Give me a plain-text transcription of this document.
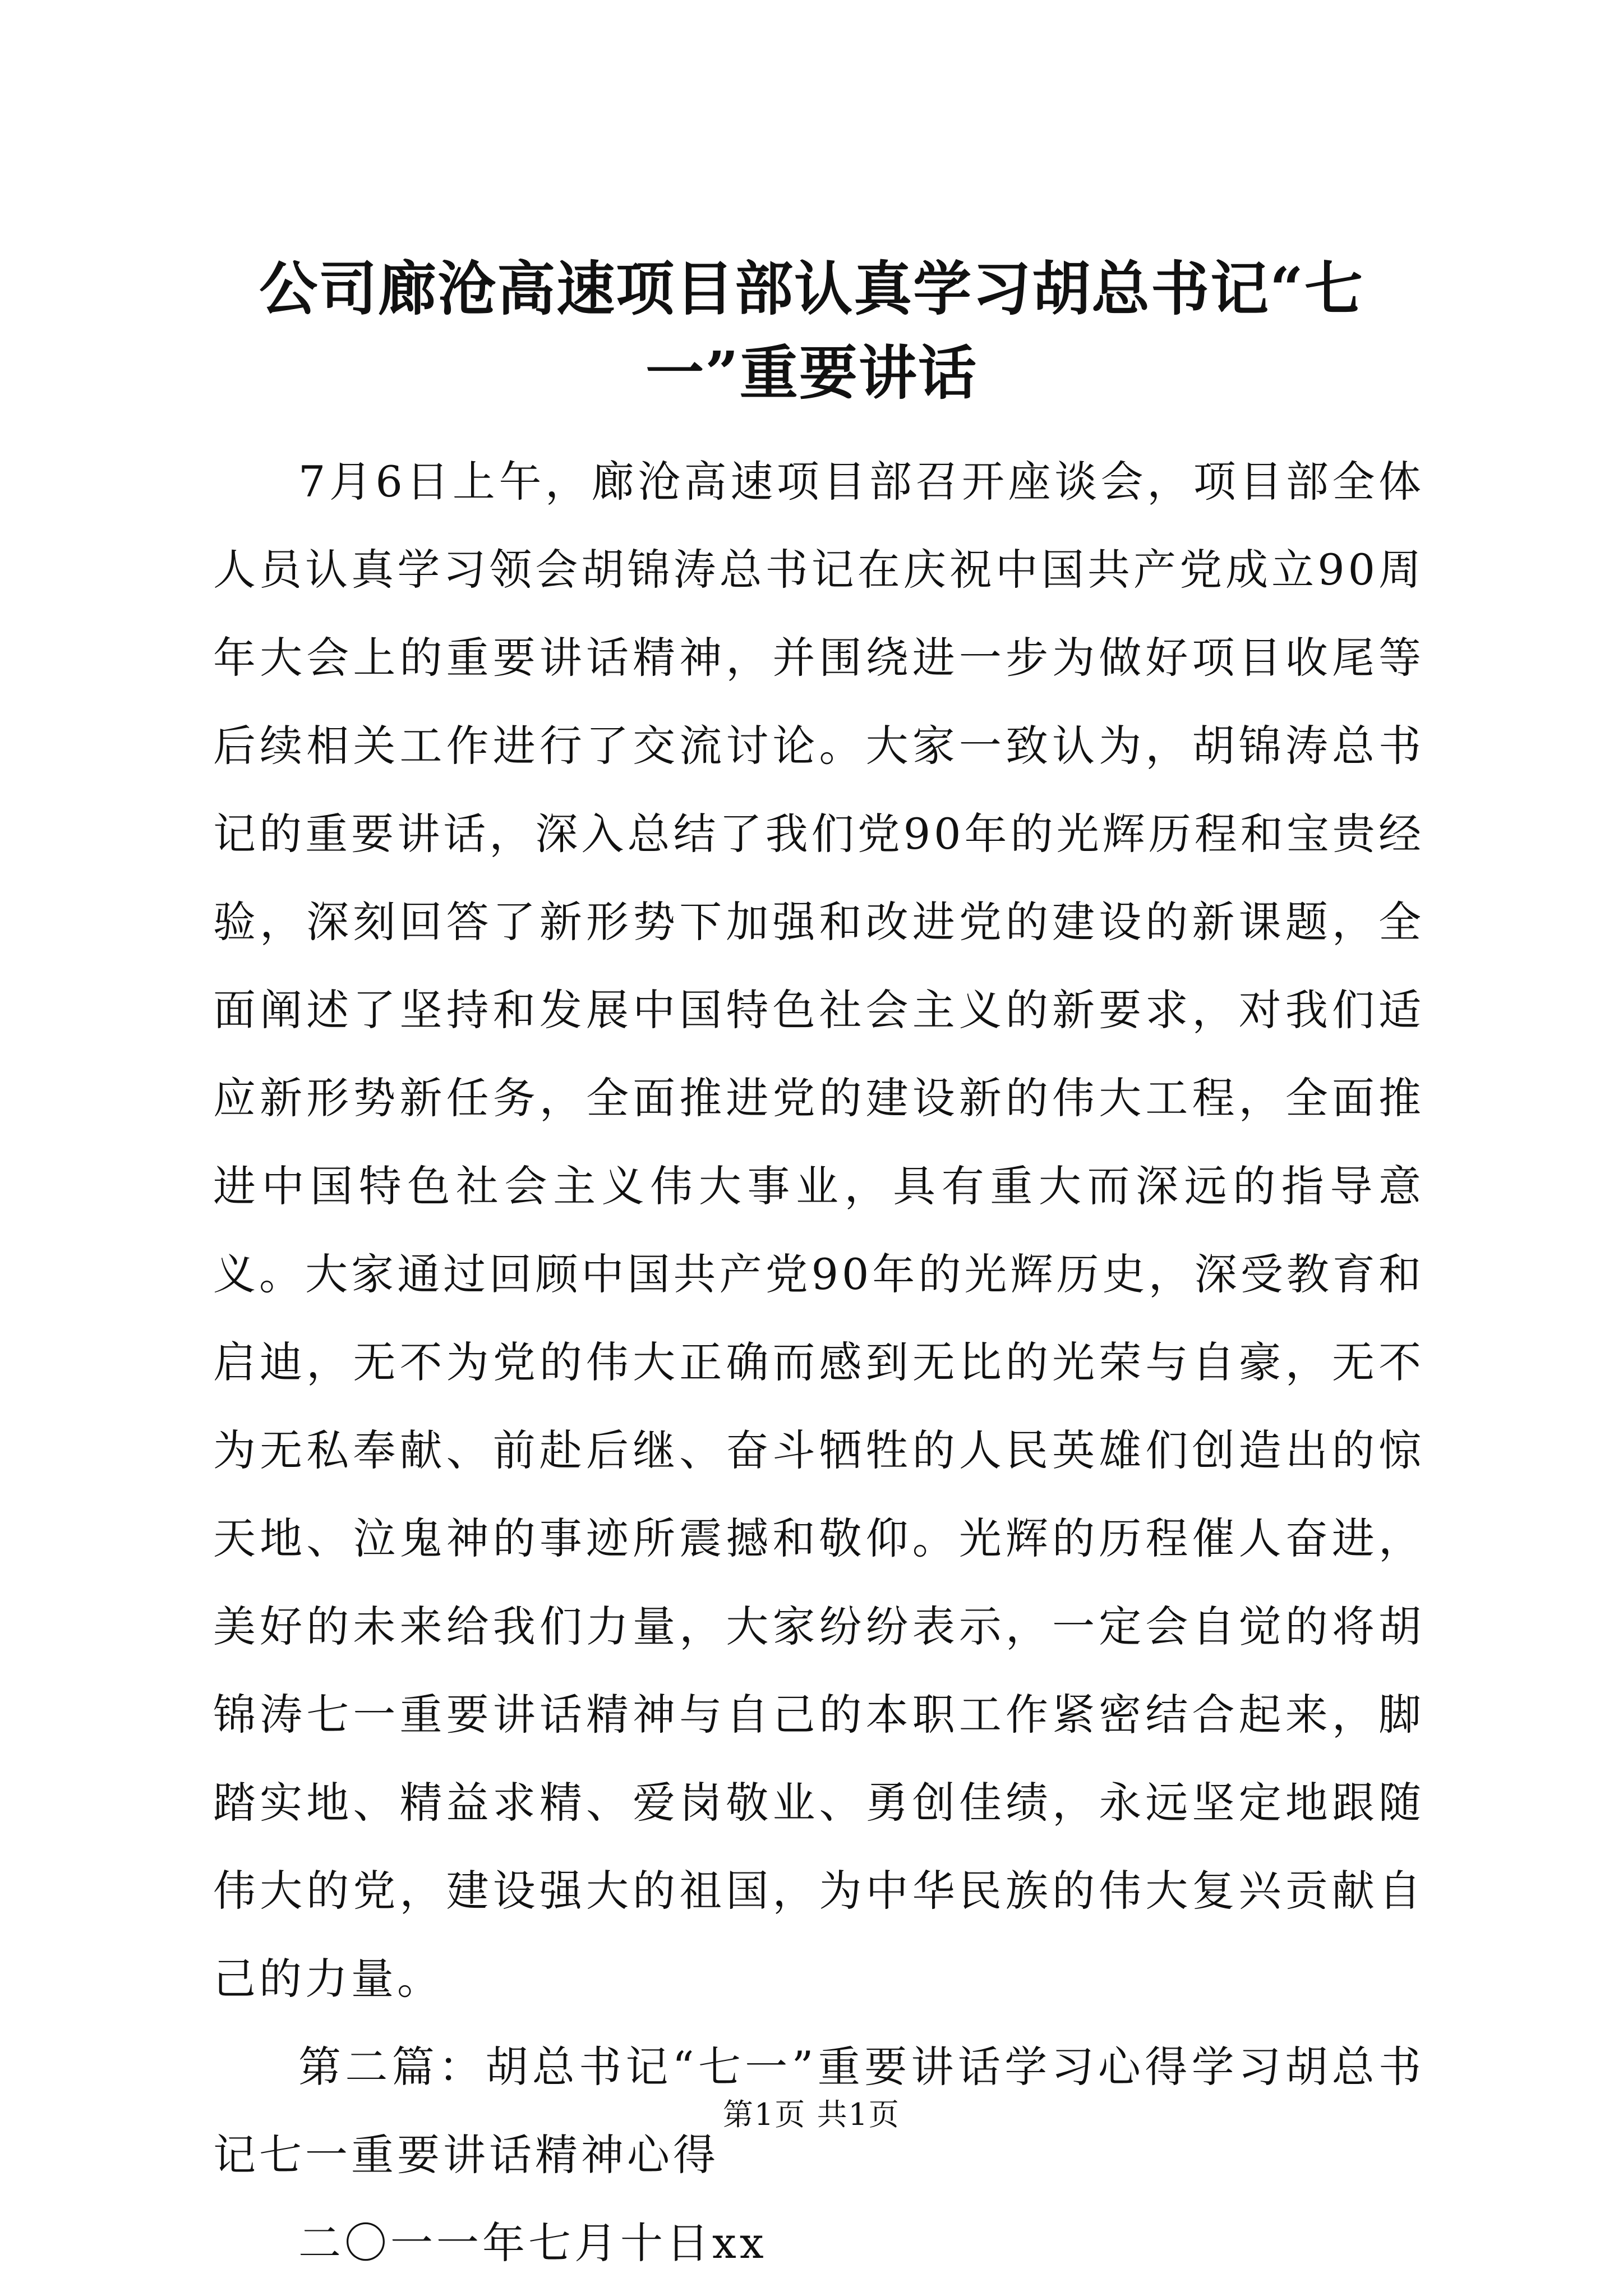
公司廊沧高速项目部认真学习胡总书记“七
一”重要讲话

7月6日上午，廊沧高速项目部召开座谈会，项目部全体人员认真学习领会胡锦涛总书记在庆祝中国共产党成立90周年大会上的重要讲话精神，并围绕进一步为做好项目收尾等后续相关工作进行了交流讨论。大家一致认为，胡锦涛总书记的重要讲话，深入总结了我们党90年的光辉历程和宝贵经验，深刻回答了新形势下加强和改进党的建设的新课题，全面阐述了坚持和发展中国特色社会主义的新要求，对我们适应新形势新任务，全面推进党的建设新的伟大工程，全面推进中国特色社会主义伟大事业，具有重大而深远的指导意义。大家通过回顾中国共产党90年的光辉历史，深受教育和启迪，无不为党的伟大正确而感到无比的光荣与自豪，无不为无私奉献、前赴后继、奋斗牺牲的人民英雄们创造出的惊天地、泣鬼神的事迹所震撼和敬仰。光辉的历程催人奋进，美好的未来给我们力量，大家纷纷表示，一定会自觉的将胡锦涛七一重要讲话精神与自己的本职工作紧密结合起来，脚踏实地、精益求精、爱岗敬业、勇创佳绩，永远坚定地跟随伟大的党，建设强大的祖国，为中华民族的伟大复兴贡献自己的力量。

第二篇：胡总书记“七一”重要讲话学习心得学习胡总书记七一重要讲话精神心得

二〇一一年七月十日xx

第1页 共1页
